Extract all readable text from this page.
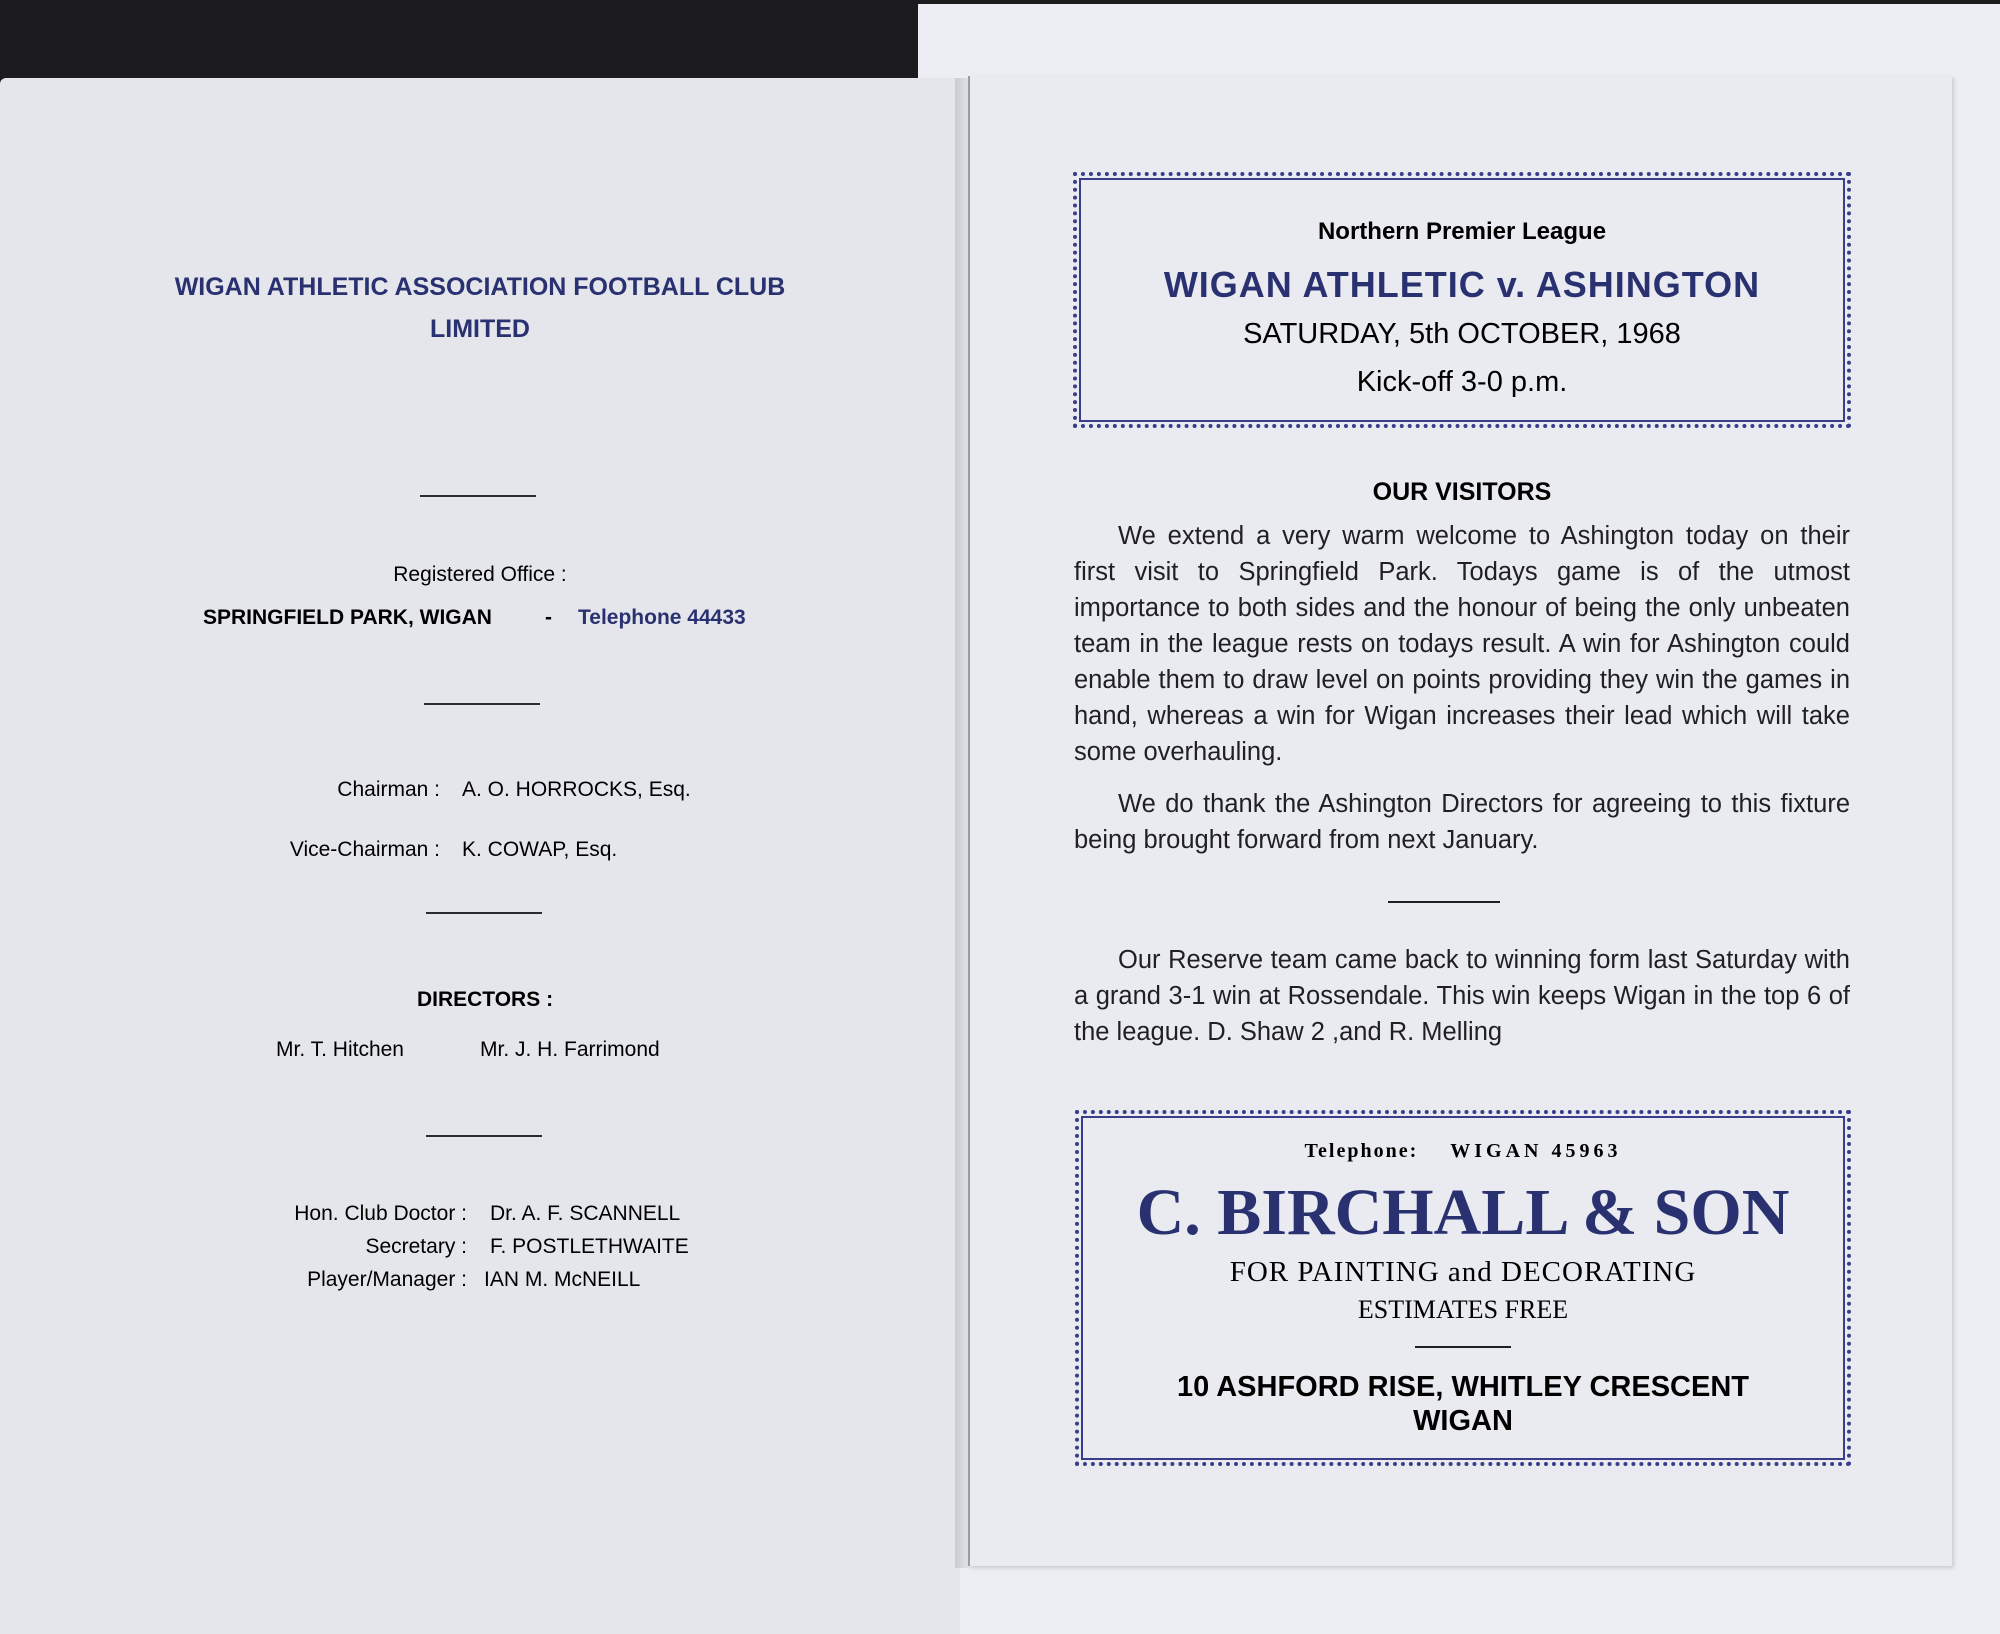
WIGAN ATHLETIC ASSOCIATION FOOTBALL CLUB
LIMITED
Registered Office :
SPRINGFIELD PARK, WIGAN	- Telephone 44433
Chairman : A. O. HORROCKS, Esq.
Vice-Chairman : K. COWAP, Esq.
DIRECTORS :
Mr. T. Hitchen	Mr. J. H. Farrimond
Hon. Club Doctor : Dr. A. F. SCANNELL
Secretary : F. POSTLETHWAITE
Player/Manager : IAN M. McNEILL
Northern Premier League
WIGAN ATHLETIC v. ASHINGTON
SATURDAY, 5th OCTOBER, 1968
Kick-off 3-0 p.m.
OUR VISITORS
We extend a very warm welcome to Ashington today on their first visit to Springfield Park. Todays game is of the utmost importance to both sides and the honour of being the only unbeaten team in the league rests on todays result. A win for Ashington could enable them to draw level on points providing they win the games in hand, whereas a win for Wigan increases their lead which will take some overhauling.
We do thank the Ashington Directors for agreeing to this fixture being brought forward from next January.
Our Reserve team came back to winning form last Saturday with a grand 3-1 win at Rossendale. This win keeps Wigan in the top 6 of the league. D. Shaw 2 ,and R. Melling
Telephone: WIGAN 45963
C. BIRCHALL & SON
FOR PAINTING and DECORATING
ESTIMATES FREE
10 ASHFORD RISE, WHITLEY CRESCENT
WIGAN
